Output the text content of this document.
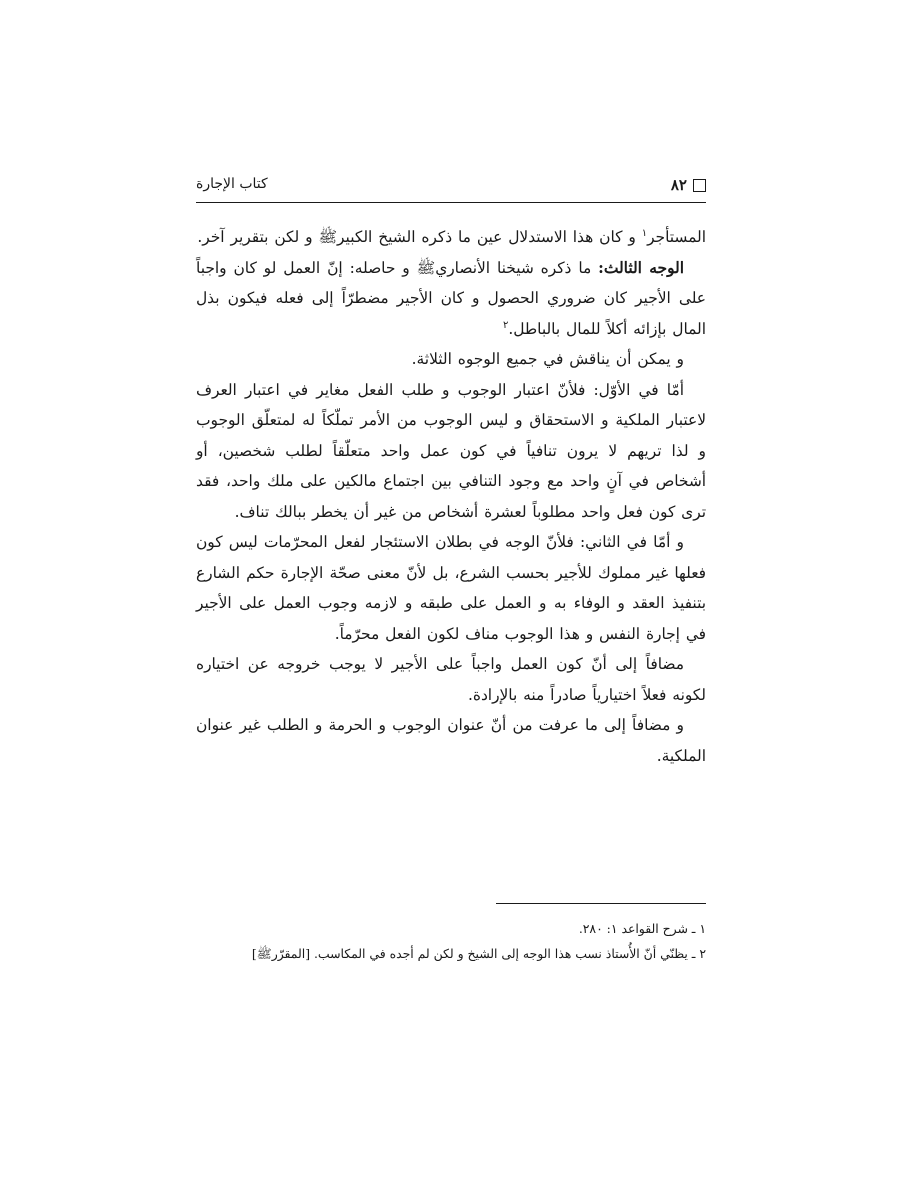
٨٢
كتاب الإجارة

المستأجر$^١$ و كان هذا الاستدلال عين ما ذكره الشيخ الكبيرﷺ و لكن بتقرير آخر.

الوجه الثالث: ما ذكره شيخنا الأنصاريﷺ و حاصله: إنّ العمل لو كان واجباً على الأجير كان ضروري الحصول و كان الأجير مضطرّاً إلى فعله فيكون بذل المال بإزائه أكلاً للمال بالباطل.$^٢$

و يمكن أن يناقش في جميع الوجوه الثلاثة.

أمّا في الأوّل: فلأنّ اعتبار الوجوب و طلب الفعل مغاير في اعتبار العرف لاعتبار الملكية و الاستحقاق و ليس الوجوب من الأمر تملّكاً له لمتعلّق الوجوب و لذا تريهم لا يرون تنافياً في كون عمل واحد متعلّقاً لطلب شخصين، أو أشخاص في آنٍ واحد مع وجود التنافي بين اجتماع مالكين على ملك واحد، فقد ترى كون فعل واحد مطلوباً لعشرة أشخاص من غير أن يخطر ببالك تناف.

و أمّا في الثاني: فلأنّ الوجه في بطلان الاستئجار لفعل المحرّمات ليس كون فعلها غير مملوك للأجير بحسب الشرع، بل لأنّ معنى صحّة الإجارة حكم الشارع بتنفيذ العقد و الوفاء به و العمل على طبقه و لازمه وجوب العمل على الأجير في إجارة النفس و هذا الوجوب مناف لكون الفعل محرّماً.

مضافاً إلى أنّ كون العمل واجباً على الأجير لا يوجب خروجه عن اختياره لكونه فعلاً اختيارياً صادراً منه بالإرادة.

و مضافاً إلى ما عرفت من أنّ عنوان الوجوب و الحرمة و الطلب غير عنوان الملكية.

١ ـ شرح القواعد ١: ٢٨٠.

٢ ـ يظنّي أنّ الأُستاذ نسب هذا الوجه إلى الشيخ و لكن لم أجده في المكاسب. [المقرّرﷺ]
